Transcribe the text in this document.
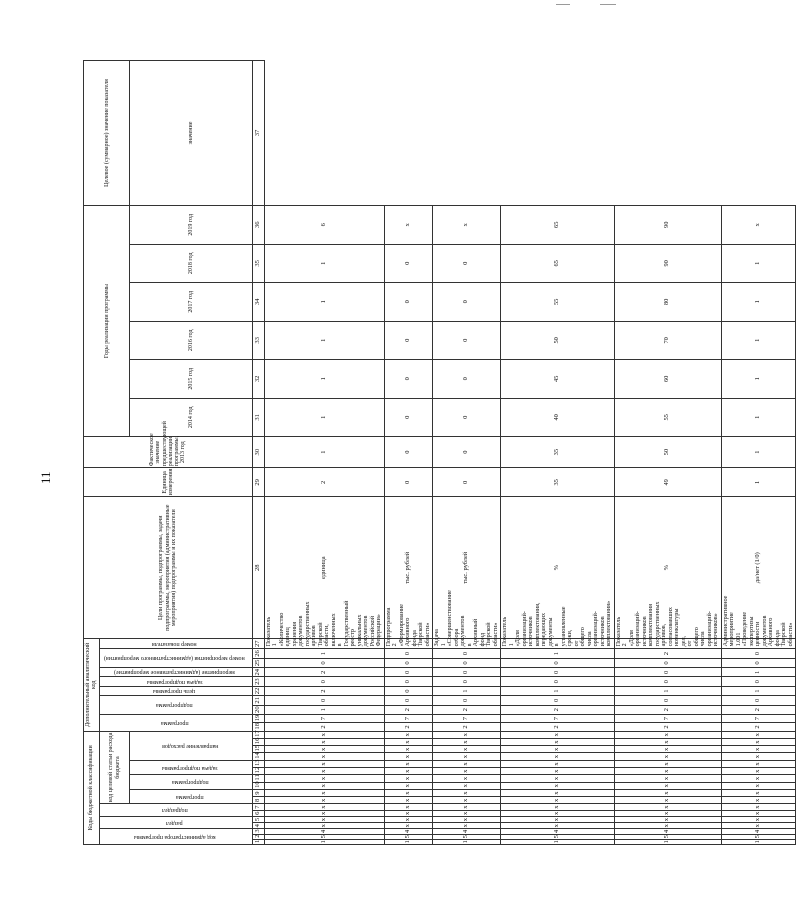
11
Коды бюджетной классификации																	Дополнительный аналитический код										Цели программы, подпрограммы, задачи подпрограммы, мероприятия (административные мероприятия) подпрограммы и их показатели	Единица измерения	Фактическое значение предшествующей реализации программы, 2013 год	Годы реализации программы						Целевое (суммарное) значение показателя
код администратора программы			раздел		подраздел		код целевой статьи расхода бюджета										программа		подпрограмма		цель программы	задача подпрограммы	мероприятие (административное мероприятие)	номер мероприятия (административного мероприятия)		номер показателя										
							программа		подпрограмма		задача подпрограммы		направление расходов																	2014 год	2015 год	2016 год	2017 год	2018 год	2019 год	значение
1	2	3	4	5	6	7	8	9	10	11	12	13	14	15	16	17	18	19	20	21	22	23	24	25	26	27	28	29	30	31	32	33	34	35	36	37
1	5	4	x	x	x	x	x	x	x	x	x	x	x	x	x	x	2	7	1	0	2	0	2	0	1	Показатель 1 «Количество единиц хранения документов государственных архивов Тверской области, включенных в Государственный реестр уникальных документов Российской Федерации»	единица	2	1	1	1	1	1	1	6	
1	5	4	x	x	x	x	x	x	x	x	x	x	x	x	x	x	2	7	2	0	0	0	0	0	0	Подпрограмма 2 «Формирование Архивного фонда Тверской области»	тыс. рублей	0	0	0	0	0	0	0	x	
1	5	4	x	x	x	x	x	x	x	x	x	x	x	x	x	x	2	7	2	0	1	0	0	0	0	Задача 1 «Совершенствование отбора документов в Архивный фонд Тверской области»	тыс. рублей	0	0	0	0	0	0	0	x	
1	5	4	x	x	x	x	x	x	x	x	x	x	x	x	x	x	2	7	2	0	1	0	0	0	1	Показатель 1 «Доля организаций-источников комплектования, передающих документы в установленные сроки, от общего числа организаций-источников комплектования»	%	35	35	40	45	50	55	65	65	
1	5	4	x	x	x	x	x	x	x	x	x	x	x	x	x	x	2	7	2	0	1	0	0	0	2	Показатель 2 «Доля организаций-источников комплектования государственных архивов, согласовавших номенклатуры дел, от общего числа организаций-источников»	%	49	50	55	60	70	80	90	90	
1	5	4	x	x	x	x	x	x	x	x	x	x	x	x	x	x	2	7	2	0	1	0	1	0	0	Административное мероприятие 1.001 «Проведение экспертизы ценности документов Архивного фонда Тверской области»	да/нет (1/0)	1	1	1	1	1	1	1	x	
